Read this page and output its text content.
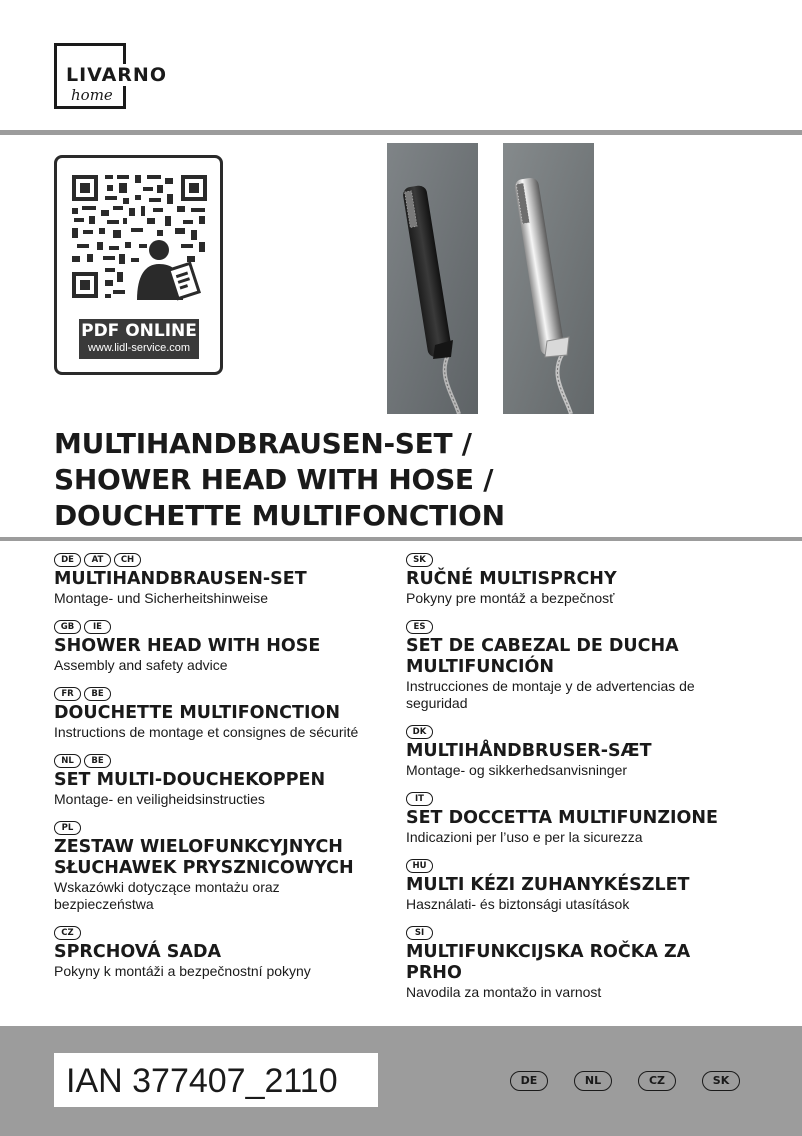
LIVARNO
home
PDF ONLINE
www.lidl-service.com
MULTIHANDBRAUSEN-SET /
SHOWER HEAD WITH HOSE /
DOUCHETTE MULTIFONCTION
DE	AT	CH
MULTIHANDBRAUSEN-SET
Montage- und Sicherheitshinweise
GB	IE
SHOWER HEAD WITH HOSE
Assembly and safety advice
FR	BE
DOUCHETTE MULTIFONCTION
Instructions de montage et consignes de sécurité
NL	BE
SET MULTI-DOUCHEKOPPEN
Montage- en veiligheidsinstructies
PL
ZESTAW WIELOFUNKCYJNYCH SŁUCHAWEK PRYSZNICOWYCH
Wskazówki dotyczące montażu oraz bezpieczeństwa
CZ
SPRCHOVÁ SADA
Pokyny k montáži a bezpečnostní pokyny
SK
RUČNÉ MULTISPRCHY
Pokyny pre montáž a bezpečnosť
ES
SET DE CABEZAL DE DUCHA MULTIFUNCIÓN
Instrucciones de montaje y de advertencias de seguridad
DK
MULTIHÅNDBRUSER-SÆT
Montage- og sikkerhedsanvisninger
IT
SET DOCCETTA MULTIFUNZIONE
Indicazioni per l’uso e per la sicurezza
HU
MULTI KÉZI ZUHANYKÉSZLET
Használati- és biztonsági utasítások
SI
MULTIFUNKCIJSKA ROČKA ZA PRHO
Navodila za montažo in varnost
IAN 377407_2110	DE	NL	CZ	SK
